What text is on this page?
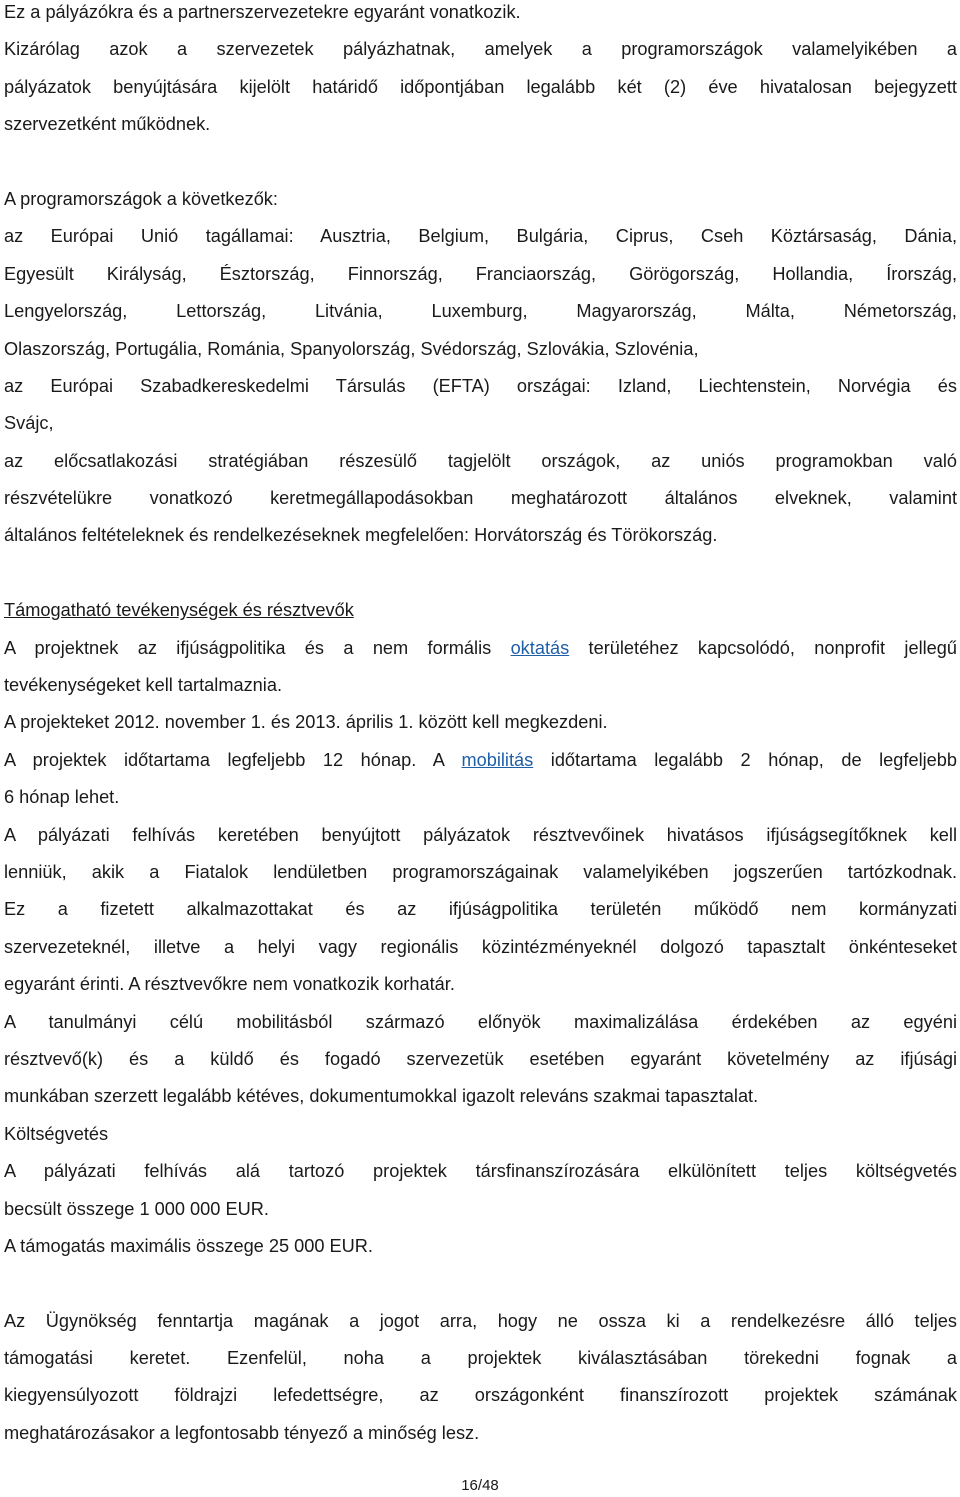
Ez a pályázókra és a partnerszervezetekre egyaránt vonatkozik.
Kizárólag azok a szervezetek pályázhatnak, amelyek a programországok valamelyikében a
pályázatok benyújtására kijelölt határidő időpontjában legalább két (2) éve hivatalosan bejegyzett
szervezetként működnek.
A programországok a következők:
az Európai Unió tagállamai: Ausztria, Belgium, Bulgária, Ciprus, Cseh Köztársaság, Dánia,
Egyesült Királyság, Észtország, Finnország, Franciaország, Görögország, Hollandia, Írország,
Lengyelország, Lettország, Litvánia, Luxemburg, Magyarország, Málta, Németország,
Olaszország, Portugália, Románia, Spanyolország, Svédország, Szlovákia, Szlovénia,
az Európai Szabadkereskedelmi Társulás (EFTA) országai: Izland, Liechtenstein, Norvégia és
Svájc,
az előcsatlakozási stratégiában részesülő tagjelölt országok, az uniós programokban való
részvételükre vonatkozó keretmegállapodásokban meghatározott általános elveknek, valamint
általános feltételeknek és rendelkezéseknek megfelelően: Horvátország és Törökország.
Támogatható tevékenységek és résztvevők
A projektnek az ifjúságpolitika és a nem formális oktatás területéhez kapcsolódó, nonprofit jellegű
tevékenységeket kell tartalmaznia.
A projekteket 2012. november 1. és 2013. április 1. között kell megkezdeni.
A projektek időtartama legfeljebb 12 hónap. A mobilitás időtartama legalább 2 hónap, de legfeljebb
6 hónap lehet.
A pályázati felhívás keretében benyújtott pályázatok résztvevőinek hivatásos ifjúságsegítőknek kell
lenniük, akik a Fiatalok lendületben programországainak valamelyikében jogszerűen tartózkodnak.
Ez a fizetett alkalmazottakat és az ifjúságpolitika területén működő nem kormányzati
szervezeteknél, illetve a helyi vagy regionális közintézményeknél dolgozó tapasztalt önkénteseket
egyaránt érinti. A résztvevőkre nem vonatkozik korhatár.
A tanulmányi célú mobilitásból származó előnyök maximalizálása érdekében az egyéni
résztvevő(k) és a küldő és fogadó szervezetük esetében egyaránt követelmény az ifjúsági
munkában szerzett legalább kétéves, dokumentumokkal igazolt releváns szakmai tapasztalat.
Költségvetés
A pályázati felhívás alá tartozó projektek társfinanszírozására elkülönített teljes költségvetés
becsült összege 1 000 000 EUR.
A támogatás maximális összege 25 000 EUR.
Az Ügynökség fenntartja magának a jogot arra, hogy ne ossza ki a rendelkezésre álló teljes
támogatási keretet. Ezenfelül, noha a projektek kiválasztásában törekedni fognak a
kiegyensúlyozott földrajzi lefedettségre, az országonként finanszírozott projektek számának
meghatározásakor a legfontosabb tényező a minőség lesz.
16/48
